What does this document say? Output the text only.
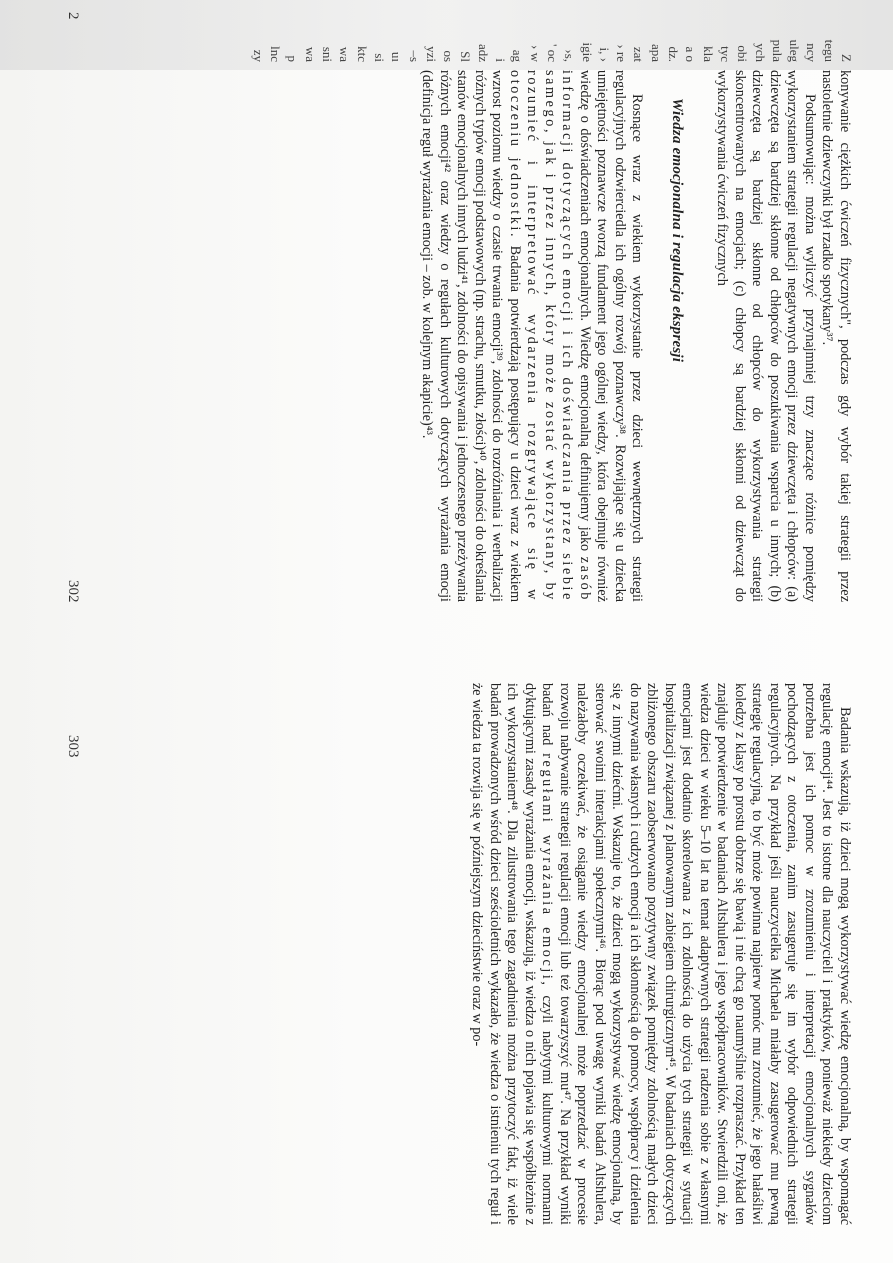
Z
tegu
ncy
uleg
pula
ych
obi
tyc
kla
a o
dz.
apa
zat
› re
i, ›
igie
›s,
' oc
› w
ag
i
adz
Sl
os
yzi
–s
uı
si
ktc
wa
sni
wa
p
lnc
zy

konywanie ciężkich ćwiczeń fizycznych", podczas gdy wybór takiej strategii przez nastoletnie dziewczynki był rzadko spotykany³⁷.

Podsumowując: można wyliczyć przynajmniej trzy znaczące różnice pomiędzy wykorzystaniem strategii regulacji negatywnych emocji przez dziewczęta i chłopców: (a) dziewczęta są bardziej skłonne od chłopców do poszukiwania wsparcia u innych; (b) dziewczęta są bardziej skłonne od chłopców do wykorzystywania strategii skoncentrowanych na emocjach; (c) chłopcy są bardziej skłonni od dziewcząt do wykorzystywania ćwiczeń fizycznych

Wiedza emocjonalna i regulacja ekspresji

Rosnące wraz z wiekiem wykorzystanie przez dzieci wewnętrznych strategii regulacyjnych odzwierciedla ich ogólny rozwój poznawczy³⁸. Rozwijające się u dziecka umiejętności poznawcze tworzą fundament jego ogólnej wiedzy, która obejmuje również wiedzę o doświadczeniach emocjonalnych. Wiedzę emocjonalną definiujemy jako zasób informacji dotyczących emocji i ich doświadczania przez siebie samego, jak i przez innych, który może zostać wykorzystany, by rozumieć i interpretować wydarzenia rozgrywające się w otoczeniu jednostki. Badania potwierdzają postępujący u dzieci wraz z wiekiem wzrost poziomu wiedzy o czasie trwania emocji³⁹, zdolności do rozróżniania i werbalizacji różnych typów emocji podstawowych (np. strachu, smutku, złości)⁴⁰, zdolności do określania stanów emocjonalnych innych ludzi⁴¹, zdolności do opisywania i jednoczesnego przeżywania różnych emocji⁴² oraz wiedzy o regułach kulturowych dotyczących wyrażania emocji (definicja reguł wyrażania emocji – zob. w kolejnym akapicie)⁴³.

302
2

Badania wskazują, iż dzieci mogą wykorzystywać wiedzę emocjonalną, by wspomagać regulację emocji⁴⁴. Jest to istotne dla nauczycieli i praktyków, ponieważ niekiedy dzieciom potrzebna jest ich pomoc w zrozumieniu i interpretacji emocjonalnych sygnałów pochodzących z otoczenia, zanim zasugeruje się im wybór odpowiednich strategii regulacyjnych. Na przykład jeśli nauczycielka Michaela miałaby zasugerować mu pewną strategię regulacyjną, to być może powinna najpierw pomóc mu zrozumieć, że jego hałaśliwi koledzy z klasy po prostu dobrze się bawią i nie chcą go naumyślnie rozpraszać. Przykład ten znajduje potwierdzenie w badaniach Altshulera i jego współpracowników. Stwierdzili oni, że wiedza dzieci w wieku 5–10 lat na temat adaptywnych strategii radzenia sobie z własnymi emocjami jest dodatnio skorelowana z ich zdolnością do użycia tych strategii w sytuacji hospitalizacji związanej z planowanym zabiegiem chirurgicznym⁴⁵. W badaniach dotyczących zbliżonego obszaru zaobserwowano pozytywny związek pomiędzy zdolnością małych dzieci do nazywania własnych i cudzych emocji a ich skłonnością do pomocy, współpracy i dzielenia się z innymi dziećmi. Wskazuje to, że dzieci mogą wykorzystywać wiedzę emocjonalną, by sterować swoimi interakcjami społecznymi⁴⁶. Biorąc pod uwagę wyniki badań Altshulera, należałoby oczekiwać, że osiąganie wiedzy emocjonalnej może poprzedzać w procesie rozwoju nabywanie strategii regulacji emocji lub też towarzyszyć mu⁴⁷. Na przykład wyniki badań nad regułami wyrażania emocji, czyli nabytymi kulturowymi normami dyktującymi zasady wyrażania emocji, wskazują, iż wiedza o nich pojawia się współbieżnie z ich wykorzystaniem⁴⁸. Dla zilustrowania tego zagadnienia można przytoczyć fakt, iż wiele badań prowadzonych wśród dzieci sześcioletnich wykazało, że wiedza o istnieniu tych reguł i że wiedza ta rozwija się w późniejszym dzieciństwie oraz w po-

303
